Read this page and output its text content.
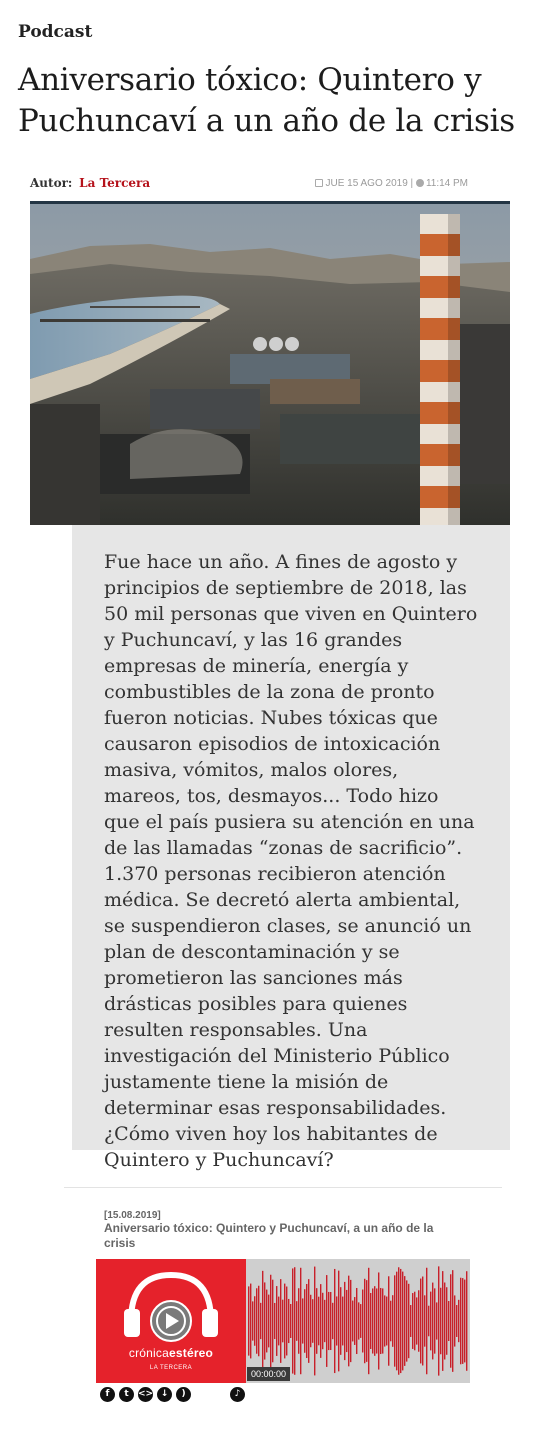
Podcast
Aniversario tóxico: Quintero y Puchuncaví a un año de la crisis
Autor: La Tercera	JUE 15 AGO 2019 | 11:14 PM

Fue hace un año. A fines de agosto y principios de septiembre de 2018, las 50 mil personas que viven en Quintero y Puchuncaví, y las 16 grandes empresas de minería, energía y combustibles de la zona de pronto fueron noticias. Nubes tóxicas que causaron episodios de intoxicación masiva, vómitos, malos olores, mareos, tos, desmayos... Todo hizo que el país pusiera su atención en una de las llamadas “zonas de sacrificio”. 1.370 personas recibieron atención médica. Se decretó alerta ambiental, se suspendieron clases, se anunció un plan de descontaminación y se prometieron las sanciones más drásticas posibles para quienes resulten responsables. Una investigación del Ministerio Público justamente tiene la misión de determinar esas responsabilidades. ¿Cómo viven hoy los habitantes de Quintero y Puchuncaví?

[15.08.2019]
Aniversario tóxico: Quintero y Puchuncaví, a un año de la crisis
crónicaestéreo
LA TERCERA
00:00:00
f	t	<> ↓	)	♪
